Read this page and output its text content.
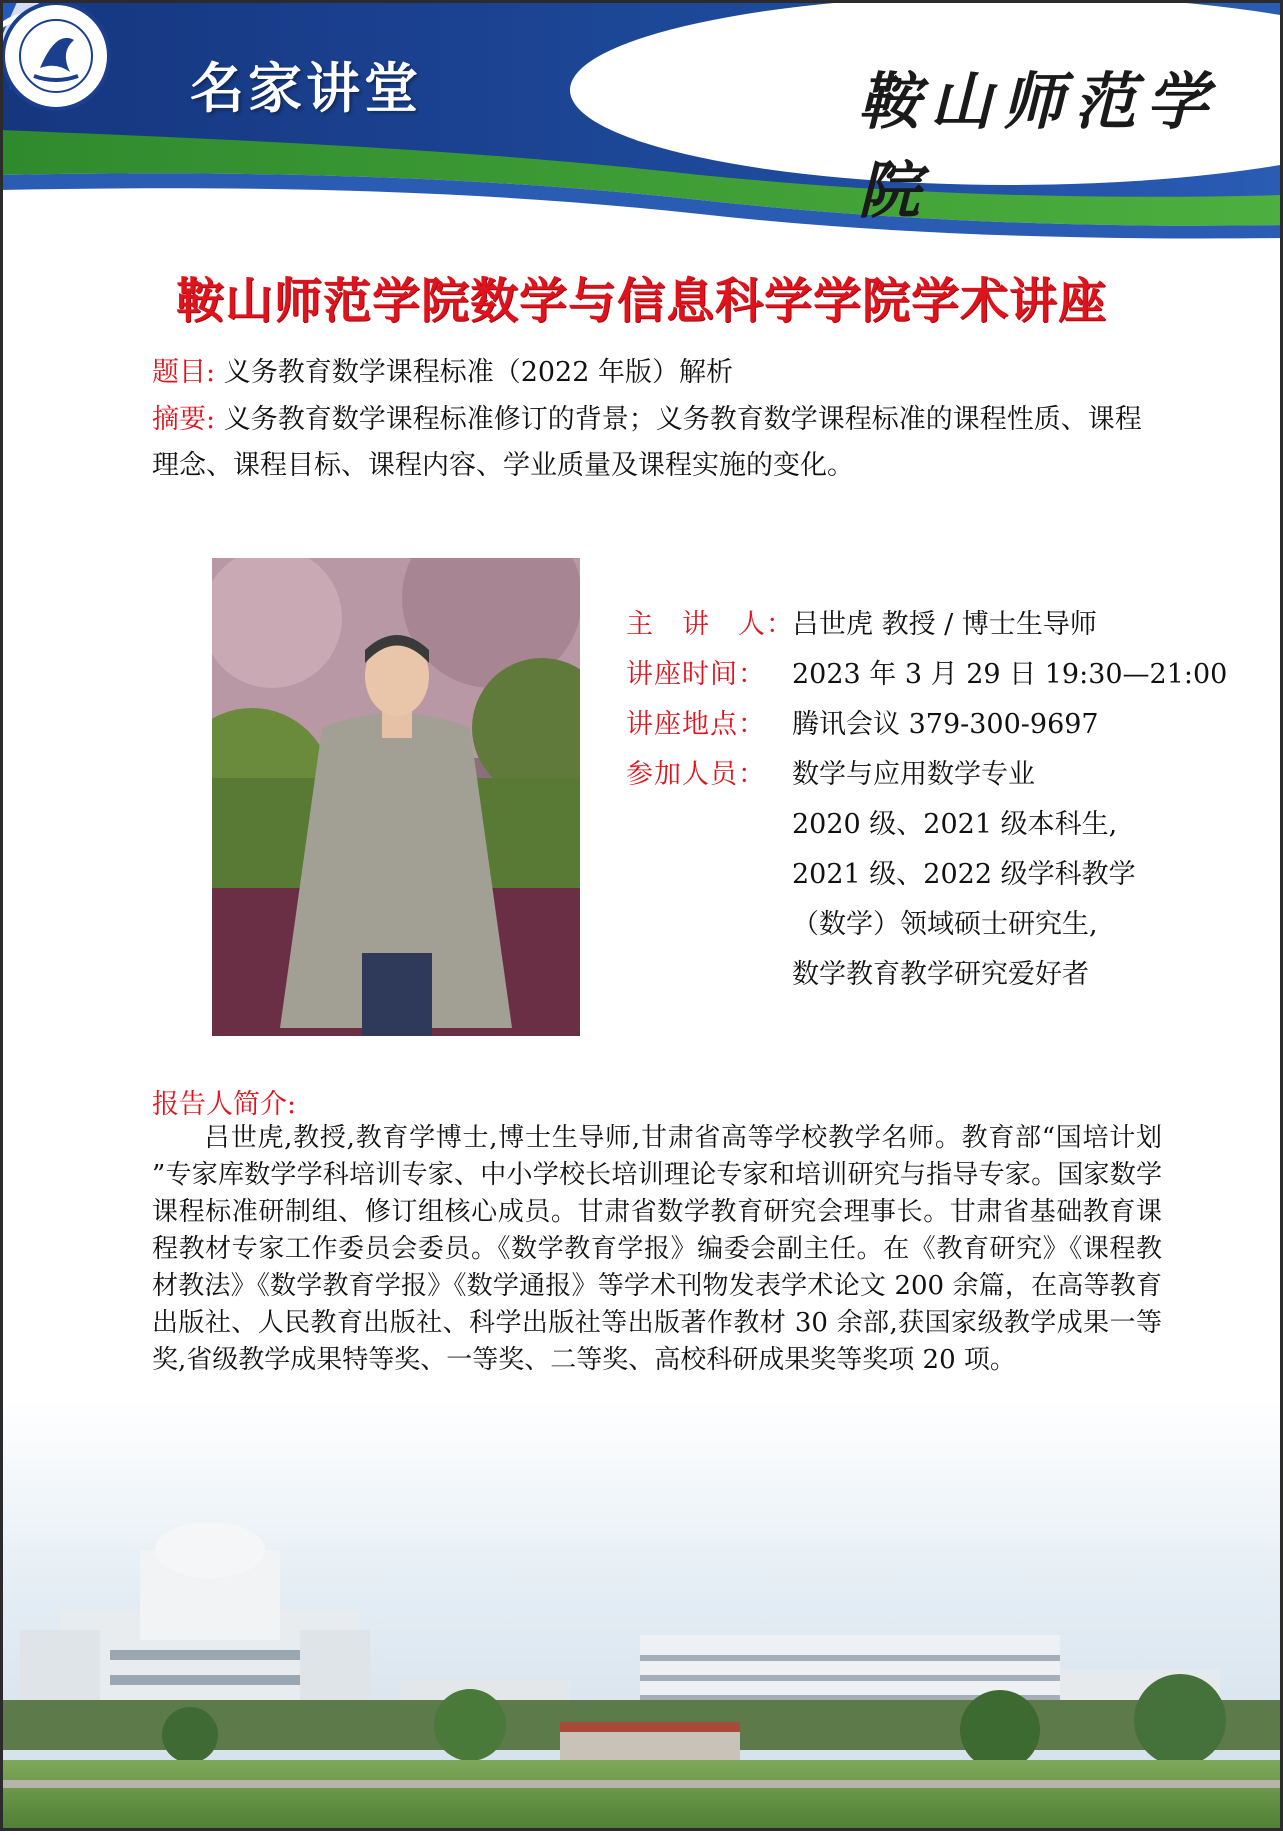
名家讲堂	鞍山师范学院
鞍山师范学院数学与信息科学学院学术讲座
题目: 义务教育数学课程标准（2022 年版）解析
摘要: 义务教育数学课程标准修订的背景；义务教育数学课程标准的课程性质、课程理念、课程目标、课程内容、学业质量及课程实施的变化。
主　讲　人：
吕世虎 教授 / 博士生导师
讲座时间： 2023 年 3 月 29 日 19:30—21:00
讲座地点： 腾讯会议 379-300-9697
参加人员： 数学与应用数学专业
2020 级、2021 级本科生,
2021 级、2022 级学科教学
（数学）领域硕士研究生,
数学教育教学研究爱好者
报告人简介:
吕世虎,教授,教育学博士,博士生导师,甘肃省高等学校教学名师。教育部“国培计划 ”专家库数学学科培训专家、中小学校长培训理论专家和培训研究与指导专家。国家数学课程标准研制组、修订组核心成员。甘肃省数学教育研究会理事长。甘肃省基础教育课程教材专家工作委员会委员。《数学教育学报》编委会副主任。在《教育研究》《课程教材教法》《数学教育学报》《数学通报》等学术刊物发表学术论文 200 余篇，在高等教育出版社、人民教育出版社、科学出版社等出版著作教材 30 余部,获国家级教学成果一等奖,省级教学成果特等奖、一等奖、二等奖、高校科研成果奖等奖项 20 项。
